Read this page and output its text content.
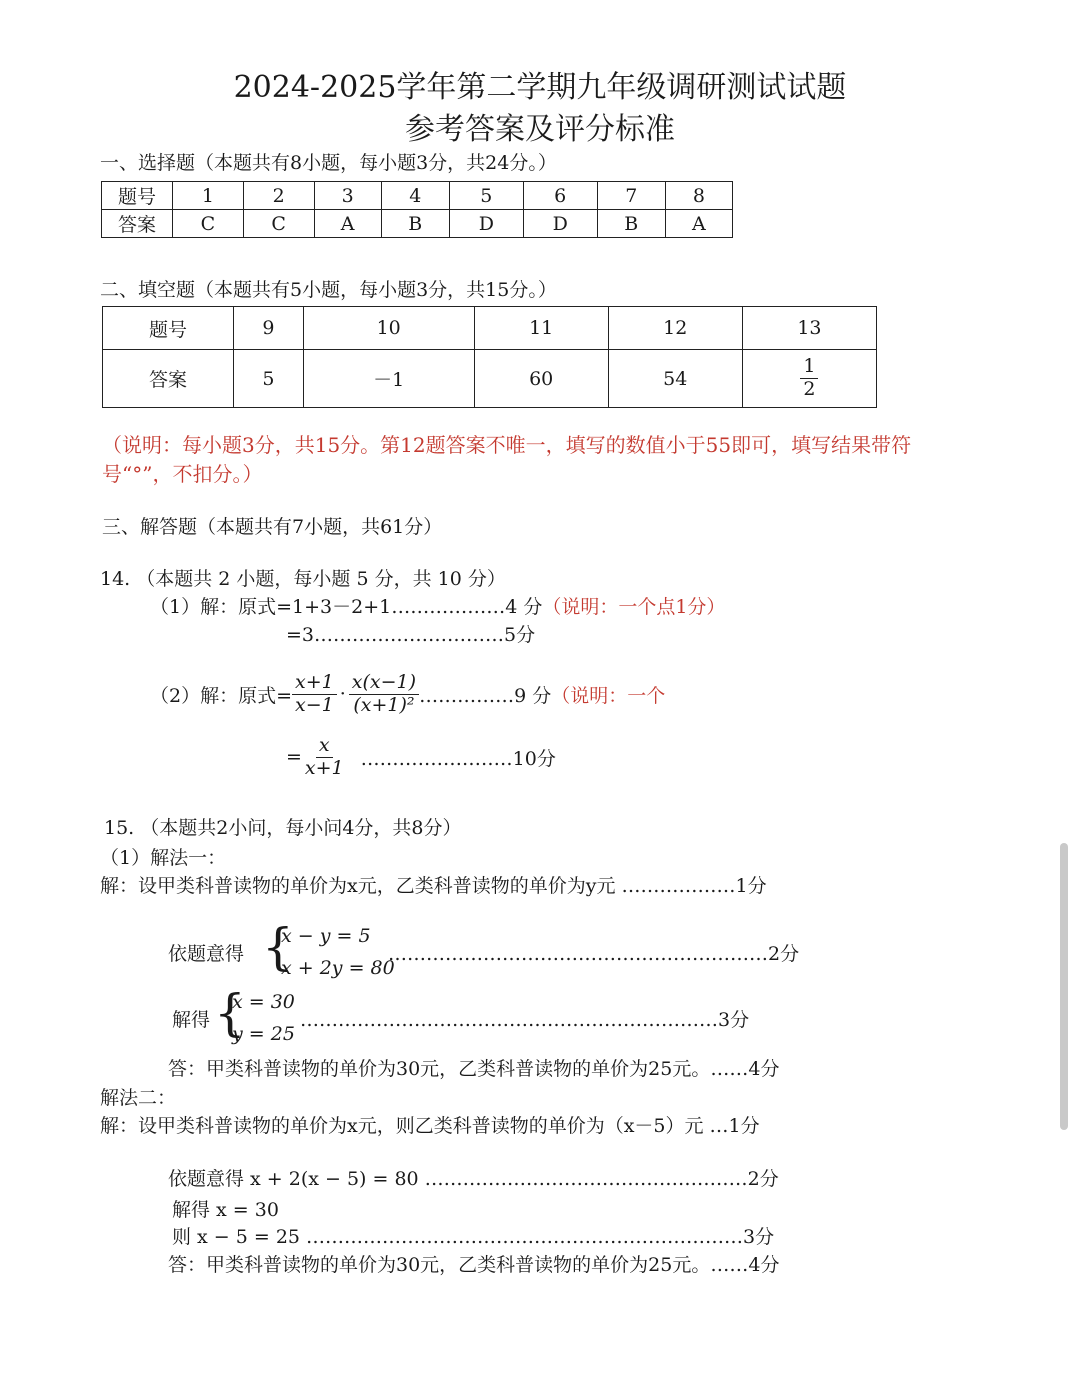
2024-2025学年第二学期九年级调研测试试题
参考答案及评分标准
一、选择题（本题共有8小题，每小题3分，共24分。）
题号	1	2	3	4	5	6	7	8
答案	C	C	A	B	D	D	B	A
二、填空题（本题共有5小题，每小题3分，共15分。）
题号	9	10	11	12	13
答案	5	－1	60	54	$\frac{1}{2}$
（说明：每小题3分，共15分。第12题答案不唯一，填写的数值小于55即可，填写结果带符
号“°”，不扣分。）
三、解答题（本题共有7小题，共61分）
14. （本题共 2 小题，每小题 5 分，共 10 分）
（1）解：原式=1+3－2+1………………4 分（说明：一个点1分）
=3…………………………5分
（2）解：原式= $\frac{x+1}{x-1} \cdot \frac{x(x-1)}{\text{(x+1)²}}$ ……………9 分 （说明：一个
= $\frac{x}{x+1}$ ……………………10分
15. （本题共2小问，每小问4分，共8分）
（1）解法一：
解：设甲类科普读物的单价为x元，乙类科普读物的单价为y元 ………………1分
依题意得 {
x − y = 5
x + 2y = 80
……………………………………………………2分
解得 {
x = 30
y = 25
…………………………………………………………3分
答：甲类科普读物的单价为30元，乙类科普读物的单价为25元。……4分
解法二：
解：设甲类科普读物的单价为x元，则乙类科普读物的单价为（x－5）元 …1分
依题意得 x + 2(x − 5) = 80 ……………………………………………2分
解得 x = 30
则 x − 5 = 25 ……………………………………………………………3分
答：甲类科普读物的单价为30元，乙类科普读物的单价为25元。……4分
